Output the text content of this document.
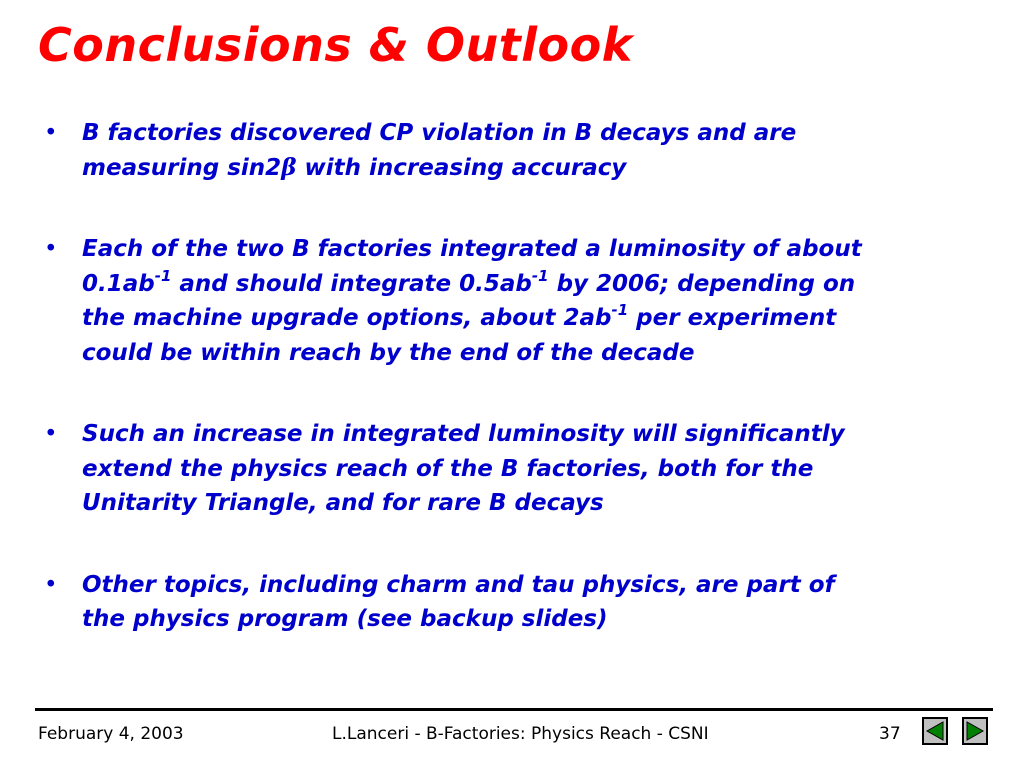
Conclusions & Outlook
• B factories discovered CP violation in B decays and are
measuring sin2β with increasing accuracy
• Each of the two B factories integrated a luminosity of about
$0.1ab^{-1}$ and should integrate $0.5ab^{-1}$ by 2006; depending on
the machine upgrade options, about $2ab^{-1}$ per experiment
could be within reach by the end of the decade
• Such an increase in integrated luminosity will significantly
extend the physics reach of the B factories, both for the
Unitarity Triangle, and for rare B decays
• Other topics, including charm and tau physics, are part of
the physics program (see backup slides)
February 4, 2003	L.Lanceri - B-Factories: Physics Reach - CSNI	37
